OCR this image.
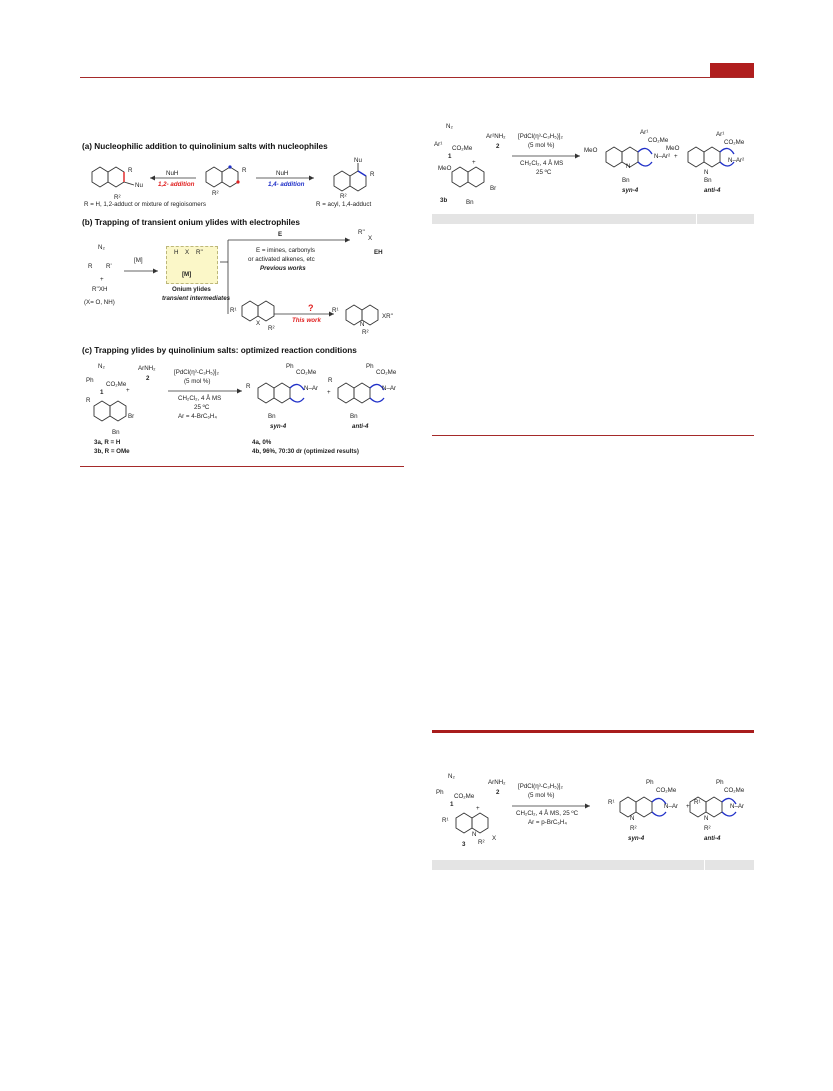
(a) Nucleophilic addition to quinolinium salts with nucleophiles
Nu
R
R²
NuH
1,2- addition
R
R²
NuH
1,4- addition
Nu
R
R²
R = H, 1,2-adduct or mixture of regioisomers	R = acyl, 1,4-adduct
(b) Trapping of transient onium ylides with electrophiles
N₂
R R'
+
R''XH
(X= O, NH)
[M]
H X R''
[M]
Onium ylides
transient intermediates
E
E = imines, carbonyls
or activated alkenes, etc
Previous works
X
R''
EH
R¹
X
R²
?
This work
R¹
N
R²
XR''
(c) Trapping ylides by quinolinium salts: optimized reaction conditions
N₂
Ph
CO₂Me
1
ArNH₂
2
+
R
Br
Bn
3a, R = H
3b, R = OMe
[PdCl(η³-C₃H₅)]₂
(5 mol %)
CH₂Cl₂, 4 Å MS
25 ºC
Ar = 4-BrC₆H₄
R
Ph
CO₂Me
N–Ar
Bn
syn-4
+
R
Ph
CO₂Me
N–Ar
Bn
anti-4
4a, 0%
4b, 96%, 70:30 dr (optimized results)
N₂
Ar¹
CO₂Me
1
+
Ar²NH₂
2
MeO
Br
3b	Bn
[PdCl(η³-C₃H₅)]₂
(5 mol %)
CH₂Cl₂, 4 Å MS
25 ºC
Ar¹
CO₂Me
MeO
N–Ar²
N
Bn
syn-4
+
Ar¹
CO₂Me
MeO
N–Ar²
N
Bn
anti-4
N₂
Ph
CO₂Me
1
+
ArNH₂
2
R¹
N
X
R²
3
[PdCl(η³-C₃H₅)]₂
(5 mol %)
CH₂Cl₂, 4 Å MS, 25 ºC
Ar = p-BrC₆H₄
Ph
CO₂Me
R¹
N–Ar
N
R²
syn-4
+
Ph
CO₂Me
R¹
N–Ar
N
R²
anti-4
